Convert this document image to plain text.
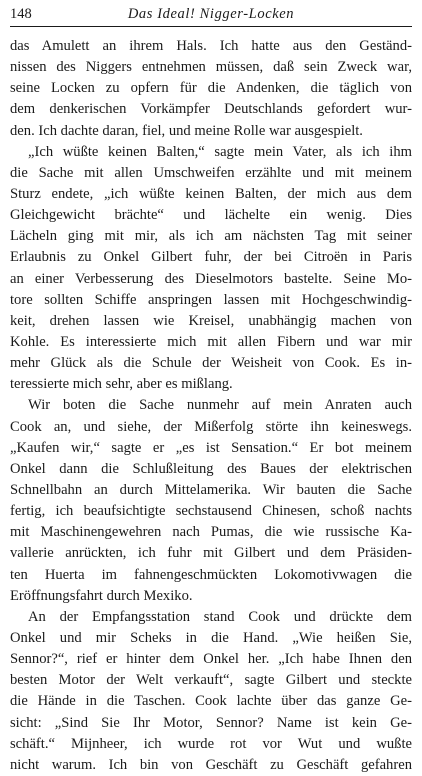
148	Das Ideal! Nigger-Locken
das Amulett an ihrem Hals. Ich hatte aus den Geständ-
nissen des Niggers entnehmen müssen, daß sein Zweck war,
seine Locken zu opfern für die Andenken, die täglich von
dem denkerischen Vorkämpfer Deutschlands gefordert wur-
den. Ich dachte daran, fiel, und meine Rolle war ausgespielt.
„Ich wüßte keinen Balten,“ sagte mein Vater, als ich ihm
die Sache mit allen Umschweifen erzählte und mit meinem
Sturz endete, „ich wüßte keinen Balten, der mich aus dem
Gleichgewicht brächte“ und lächelte ein wenig. Dies
Lächeln ging mit mir, als ich am nächsten Tag mit seiner
Erlaubnis zu Onkel Gilbert fuhr, der bei Citroën in Paris
an einer Verbesserung des Dieselmotors bastelte. Seine Mo-
tore sollten Schiffe anspringen lassen mit Hochgeschwindig-
keit, drehen lassen wie Kreisel, unabhängig machen von
Kohle. Es interessierte mich mit allen Fibern und war mir
mehr Glück als die Schule der Weisheit von Cook. Es in-
teressierte mich sehr, aber es mißlang.
Wir boten die Sache nunmehr auf mein Anraten auch
Cook an, und siehe, der Mißerfolg störte ihn keineswegs.
„Kaufen wir,“ sagte er „es ist Sensation.“ Er bot meinem
Onkel dann die Schlußleitung des Baues der elektrischen
Schnellbahn an durch Mittelamerika. Wir bauten die Sache
fertig, ich beaufsichtigte sechstausend Chinesen, schoß nachts
mit Maschinengewehren nach Pumas, die wie russische Ka-
vallerie anrückten, ich fuhr mit Gilbert und dem Präsiden-
ten Huerta im fahnengeschmückten Lokomotivwagen die
Eröffnungsfahrt durch Mexiko.
An der Empfangsstation stand Cook und drückte dem
Onkel und mir Scheks in die Hand. „Wie heißen Sie,
Sennor?“, rief er hinter dem Onkel her. „Ich habe Ihnen den
besten Motor der Welt verkauft“, sagte Gilbert und steckte
die Hände in die Taschen. Cook lachte über das ganze Ge-
sicht: „Sind Sie Ihr Motor, Sennor? Name ist kein Ge-
schäft.“ Mijnheer, ich wurde rot vor Wut und wußte
nicht warum. Ich bin von Geschäft zu Geschäft gefahren
